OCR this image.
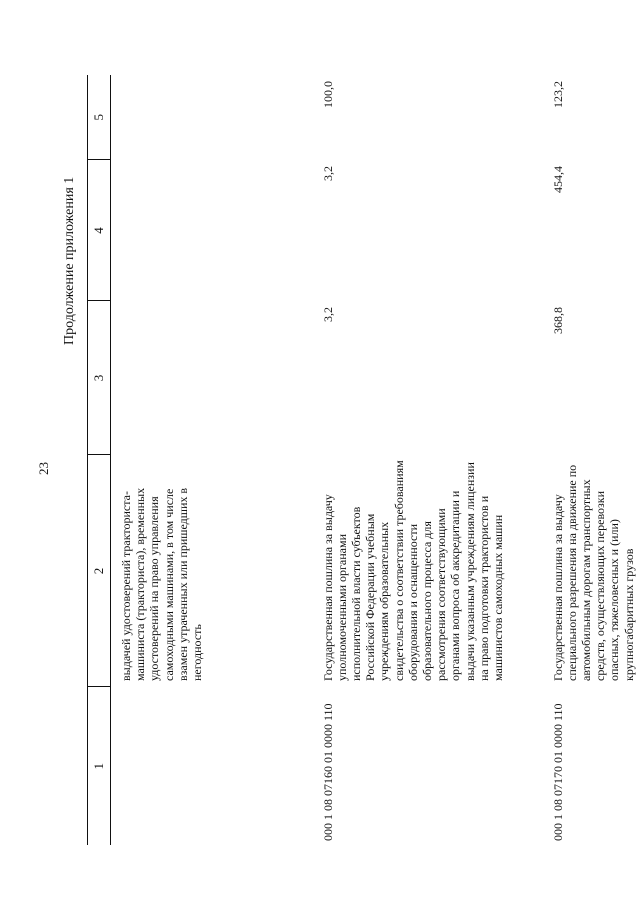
23
Продолжение приложения 1
1	2	3	4	5
	выдачей удостоверений тракториста-машиниста (тракториста), временных удостоверений на право управления самоходными машинами, в том числе взамен утраченных или пришедших в негодность			
000 1 08 07160 01 0000 110	Государственная пошлина за выдачу уполномоченными органами исполнительной власти субъектов Российской Федерации учебным учреждениям образовательных свидетельства о соответствии требованиям оборудования и оснащенности образовательного процесса для рассмотрения соответствующими органами вопроса об аккредитации и выдачи указанным учреждениям лицензии на право подготовки трактористов и машинистов самоходных машин	3,2	3,2	100,0
000 1 08 07170 01 0000 110	Государственная пошлина за выдачу специального разрешения на движение по автомобильным дорогам транспортных средств, осуществляющих перевозки опасных, тяжеловесных и (или) крупногабаритных грузов	368,8	454,4	123,2
